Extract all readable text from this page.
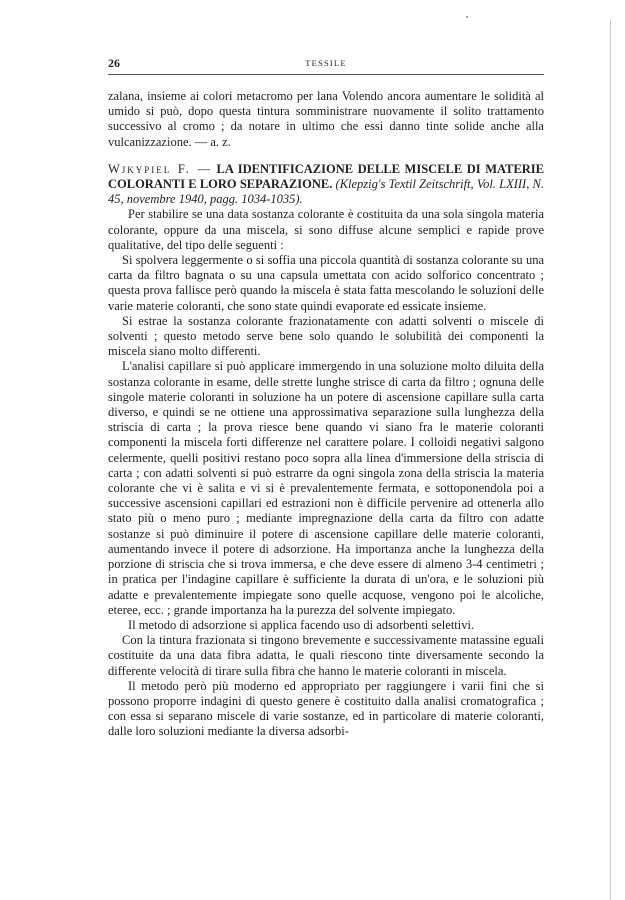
26	TESSILE

zalana, insieme ai colori metacromo per lana Volendo ancora aumentare le solidità al umido si può, dopo questa tintura somministrare nuovamente il solito trattamento successivo al cromo ; da notare in ultimo che essi danno tinte solide anche alla vulcanizzazione. — a. z.

Wjkypiel F. — LA IDENTIFICAZIONE DELLE MISCELE DI MATERIE COLORANTI E LORO SEPARAZIONE. (Klepzig's Textil Zeitschrift, Vol. LXIII, N. 45, novembre 1940, pagg. 1034-1035).

Per stabilire se una data sostanza colorante è costituita da una sola singola materia colorante, oppure da una miscela, si sono diffuse alcune semplici e rapide prove qualitative, del tipo delle seguenti :

Si spolvera leggermente o si soffia una piccola quantità di sostanza colorante su una carta da filtro bagnata o su una capsula umettata con acido solforico concentrato ; questa prova fallisce però quando la miscela è stata fatta mescolando le soluzioni delle varie materie coloranti, che sono state quindi evaporate ed essicate insieme.

Si estrae la sostanza colorante frazionatamente con adatti solventi o miscele di solventi ; questo metodo serve bene solo quando le solubilità dei componenti la miscela siano molto differenti.

L'analisi capillare si può applicare immergendo in una soluzione molto diluita della sostanza colorante in esame, delle strette lunghe strisce di carta da filtro ; ognuna delle singole materie coloranti in soluzione ha un potere di ascensione capillare sulla carta diverso, e quindi se ne ottiene una approssimativa separazione sulla lunghezza della striscia di carta ; la prova riesce bene quando vi siano fra le materie coloranti componenti la miscela forti differenze nel carattere polare. I colloidi negativi salgono celermente, quelli positivi restano poco sopra alla linea d'immersione della striscia di carta ; con adatti solventi si può estrarre da ogni singola zona della striscia la materia colorante che vi è salita e vi si è prevalentemente fermata, e sottoponendola poi a successive ascensioni capillari ed estrazioni non è difficile pervenire ad ottenerla allo stato più o meno puro ; mediante impregnazione della carta da filtro con adatte sostanze si può diminuire il potere di ascensione capillare delle materie coloranti, aumentando invece il potere di adsorzione. Ha importanza anche la lunghezza della porzione di striscia che si trova immersa, e che deve essere di almeno 3-4 centimetri ; in pratica per l'indagine capillare è sufficiente la durata di un'ora, e le soluzioni più adatte e prevalentemente impiegate sono quelle acquose, vengono poi le alcoliche, eteree, ecc. ; grande importanza ha la purezza del solvente impiegato.

Il metodo di adsorzione si applica facendo uso di adsorbenti selettivi.

Con la tintura frazionata si tingono brevemente e successivamente matassine eguali costituite da una data fibra adatta, le quali riescono tinte diversamente secondo la differente velocità di tirare sulla fibra che hanno le materie coloranti in miscela.

Il metodo però più moderno ed appropriato per raggiungere i varii fini che si possono proporre indagini di questo genere è costituito dalla analisi cromatografica ; con essa si separano miscele di varie sostanze, ed in particolare di materie coloranti, dalle loro soluzioni mediante la diversa adsorbi-
